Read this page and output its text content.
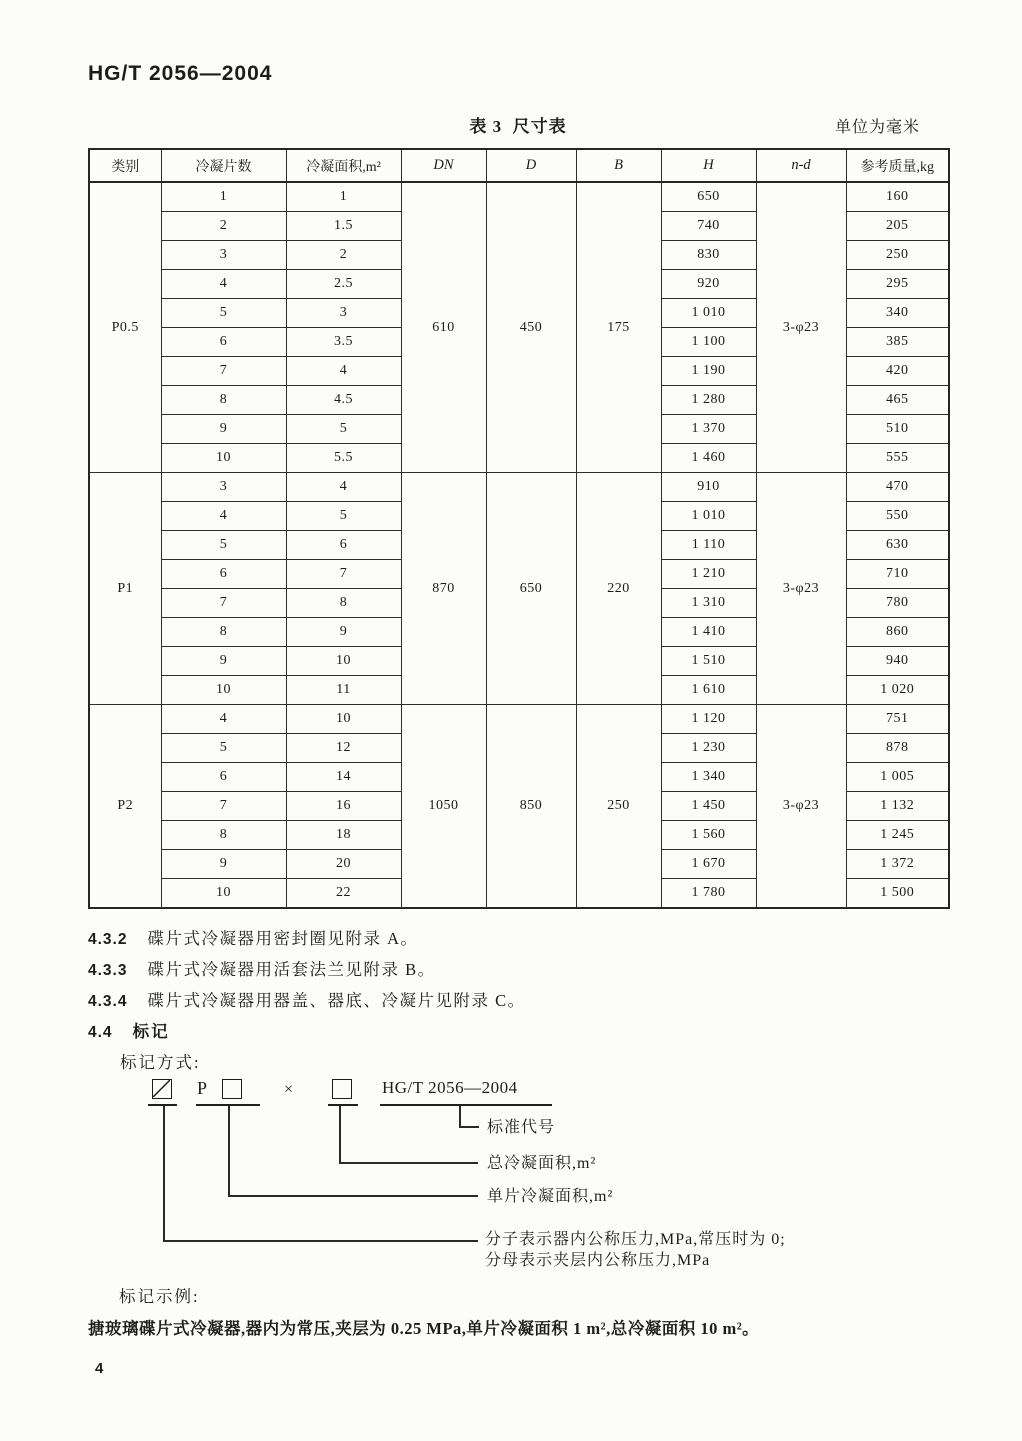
HG/T 2056—2004
表 3  尺寸表	单位为毫米
类别	冷凝片数	冷凝面积,m²	DN	D	B	H	n-d	参考质量,kg
P0.5	1	1	610	450	175	650	3-φ23	160
	2	1.5				740		205
	3	2				830		250
	4	2.5				920		295
	5	3				1 010		340
	6	3.5				1 100		385
	7	4				1 190		420
	8	4.5				1 280		465
	9	5				1 370		510
	10	5.5				1 460		555
P1	3	4	870	650	220	910	3-φ23	470
	4	5				1 010		550
	5	6				1 110		630
	6	7				1 210		710
	7	8				1 310		780
	8	9				1 410		860
	9	10				1 510		940
	10	11				1 610		1 020
P2	4	10	1050	850	250	1 120	3-φ23	751
	5	12				1 230		878
	6	14				1 340		1 005
	7	16				1 450		1 132
	8	18				1 560		1 245
	9	20				1 670		1 372
	10	22				1 780		1 500
4.3.2 碟片式冷凝器用密封圈见附录 A。
4.3.3 碟片式冷凝器用活套法兰见附录 B。
4.3.4 碟片式冷凝器用器盖、器底、冷凝片见附录 C。
4.4 标记
标记方式:
P	×	HG/T 2056—2004
标准代号
总冷凝面积,m²
单片冷凝面积,m²
分子表示器内公称压力,MPa,常压时为 0;
分母表示夹层内公称压力,MPa
标记示例:
搪玻璃碟片式冷凝器,器内为常压,夹层为 0.25 MPa,单片冷凝面积 1 m²,总冷凝面积 10 m²。
4
